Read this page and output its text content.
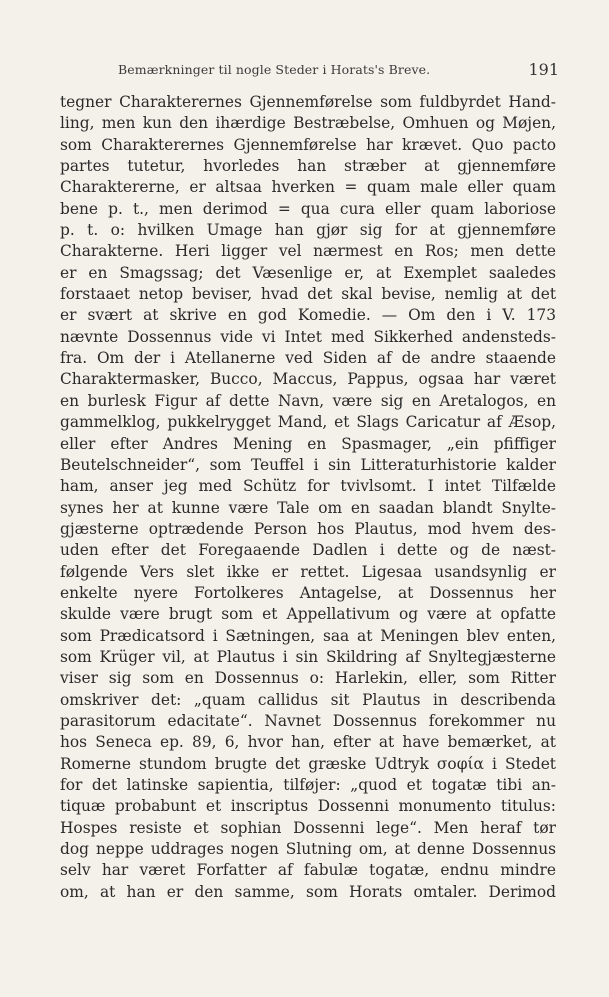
Bemærkninger til nogle Steder i Horats's Breve.	191
tegner Charakterernes Gjennemførelse som fuldbyrdet Hand-
ling, men kun den ihærdige Bestræbelse, Omhuen og Møjen,
som Charakterernes Gjennemførelse har krævet. Quo pacto
partes tutetur, hvorledes han stræber at gjennemføre
Charaktererne, er altsaa hverken = quam male eller quam
bene p. t., men derimod = qua cura eller quam laboriose
p. t. o: hvilken Umage han gjør sig for at gjennemføre
Charakterne. Heri ligger vel nærmest en Ros; men dette
er en Smagssag; det Væsenlige er, at Exemplet saaledes
forstaaet netop beviser, hvad det skal bevise, nemlig at det
er svært at skrive en god Komedie. — Om den i V. 173
nævnte Dossennus vide vi Intet med Sikkerhed andensteds-
fra. Om der i Atellanerne ved Siden af de andre staaende
Charaktermasker, Bucco, Maccus, Pappus, ogsaa har været
en burlesk Figur af dette Navn, være sig en Aretalogos, en
gammelklog, pukkelrygget Mand, et Slags Caricatur af Æsop,
eller efter Andres Mening en Spasmager, „ein pfiffiger
Beutelschneider“, som Teuffel i sin Litteraturhistorie kalder
ham, anser jeg med Schütz for tvivlsomt. I intet Tilfælde
synes her at kunne være Tale om en saadan blandt Snylte-
gjæsterne optrædende Person hos Plautus, mod hvem des-
uden efter det Foregaaende Dadlen i dette og de næst-
følgende Vers slet ikke er rettet. Ligesaa usandsynlig er
enkelte nyere Fortolkeres Antagelse, at Dossennus her
skulde være brugt som et Appellativum og være at opfatte
som Prædicatsord i Sætningen, saa at Meningen blev enten,
som Krüger vil, at Plautus i sin Skildring af Snyltegjæsterne
viser sig som en Dossennus o: Harlekin, eller, som Ritter
omskriver det: „quam callidus sit Plautus in describenda
parasitorum edacitate“. Navnet Dossennus forekommer nu
hos Seneca ep. 89, 6, hvor han, efter at have bemærket, at
Romerne stundom brugte det græske Udtryk σοφία i Stedet
for det latinske sapientia, tilføjer: „quod et togatæ tibi an-
tiquæ probabunt et inscriptus Dossenni monumento titulus:
Hospes resiste et sophian Dossenni lege“. Men heraf tør
dog neppe uddrages nogen Slutning om, at denne Dossennus
selv har været Forfatter af fabulæ togatæ, endnu mindre
om, at han er den samme, som Horats omtaler. Derimod
